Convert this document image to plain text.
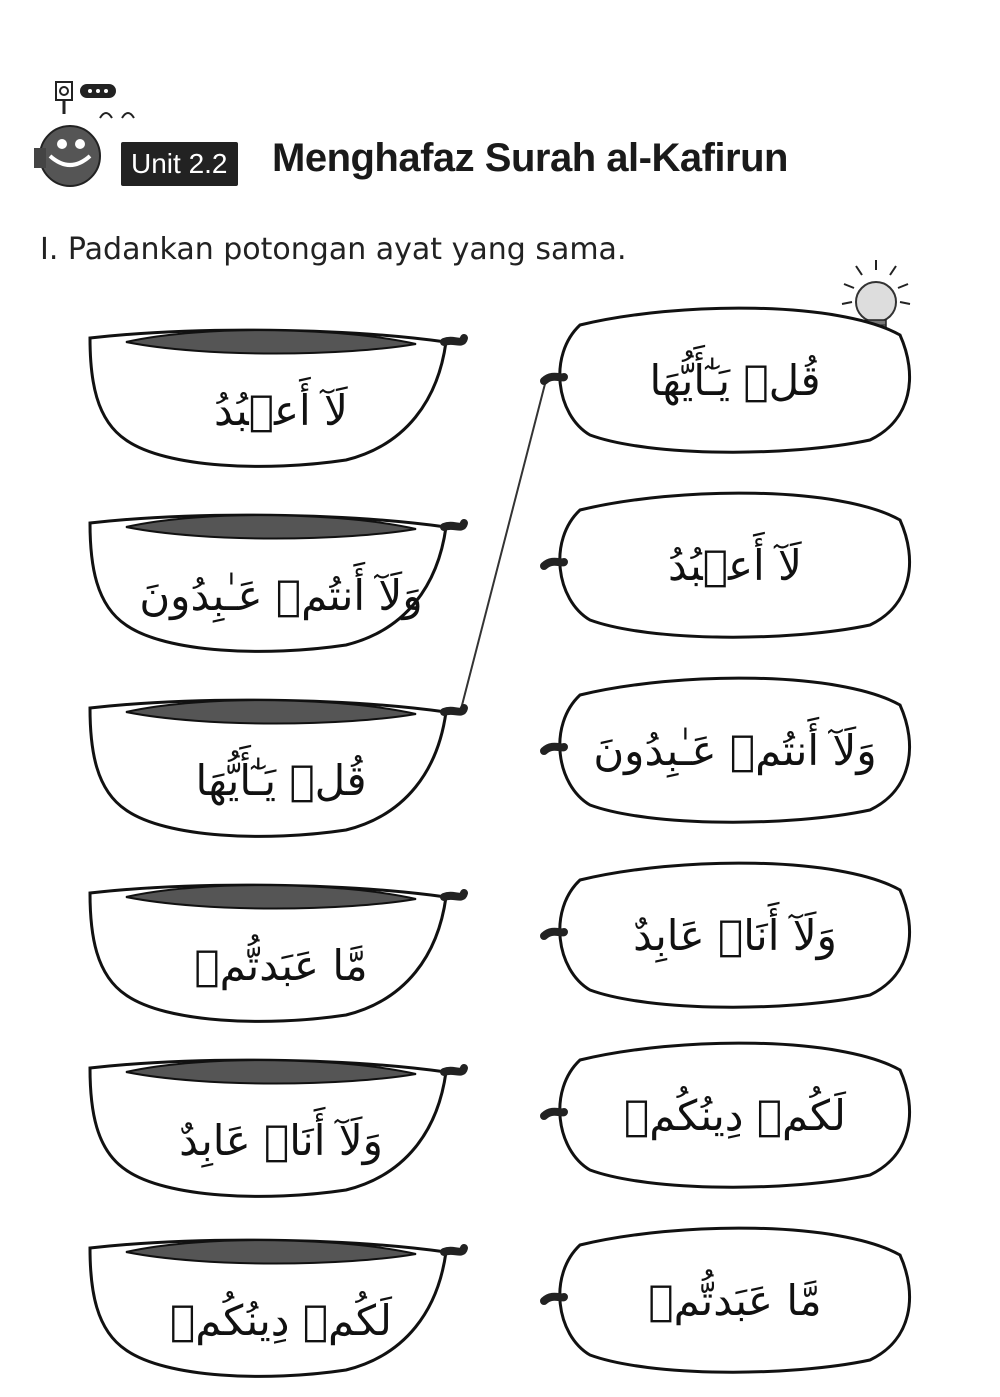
Unit 2.2 Menghafaz Surah al-Kafirun
I. Padankan potongan ayat yang sama.
لَآ أَعۡبُدُ
وَلَآ أَنتُمۡ عَـٰبِدُونَ
قُلۡ يَـٰٓأَيُّهَا
مَّا عَبَدتُّمۡ
وَلَآ أَنَا۠ عَابِدٌ
لَكُمۡ دِينُكُمۡ
قُلۡ يَـٰٓأَيُّهَا
لَآ أَعۡبُدُ
وَلَآ أَنتُمۡ عَـٰبِدُونَ
وَلَآ أَنَا۠ عَابِدٌ
لَكُمۡ دِينُكُمۡ
مَّا عَبَدتُّمۡ
